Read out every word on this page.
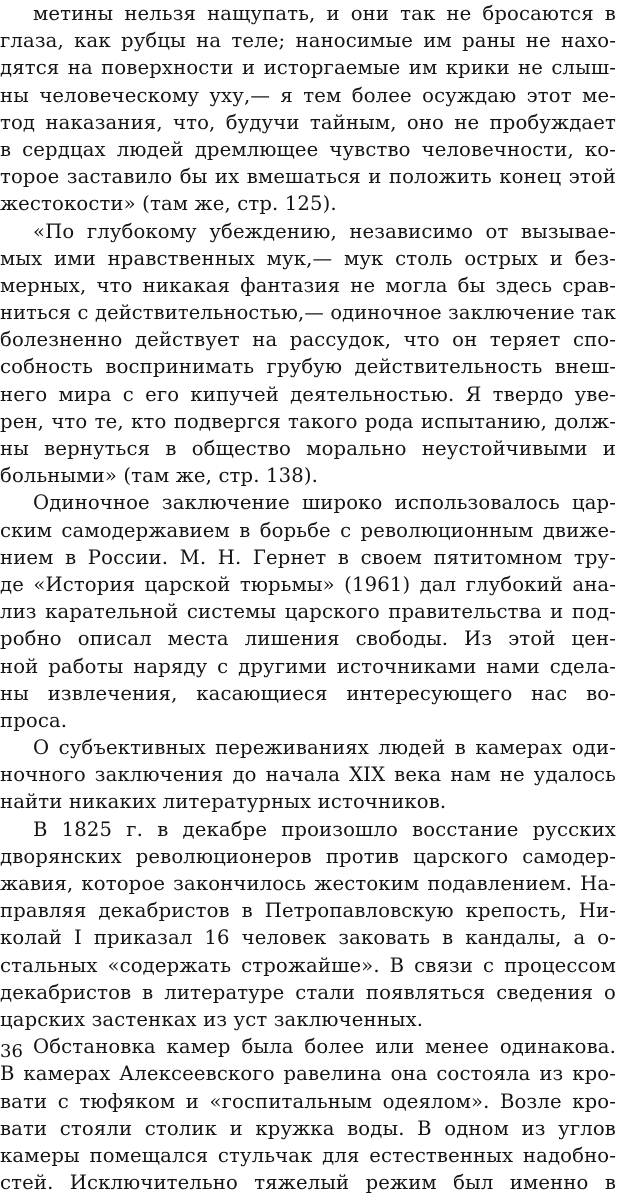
метины нельзя нащупать, и они так не бросаются в
глаза, как рубцы на теле; наносимые им раны не нахо-
дятся на поверхности и исторгаемые им крики не слыш-
ны человеческому уху,— я тем более осуждаю этот ме-
тод наказания, что, будучи тайным, оно не пробуждает
в сердцах людей дремлющее чувство человечности, ко-
торое заставило бы их вмешаться и положить конец этой
жестокости» (там же, стр. 125).
«По глубокому убеждению, независимо от вызывае-
мых ими нравственных мук,— мук столь острых и без-
мерных, что никакая фантазия не могла бы здесь срав-
ниться с действительностью,— одиночное заключение так
болезненно действует на рассудок, что он теряет спо-
собность воспринимать грубую действительность внеш-
него мира с его кипучей деятельностью. Я твердо уве-
рен, что те, кто подвергся такого рода испытанию, долж-
ны вернуться в общество морально неустойчивыми и
больными» (там же, стр. 138).
Одиночное заключение широко использовалось цар-
ским самодержавием в борьбе с революционным движе-
нием в России. М. Н. Гернет в своем пятитомном тру-
де «История царской тюрьмы» (1961) дал глубокий ана-
лиз карательной системы царского правительства и под-
робно описал места лишения свободы. Из этой цен-
ной работы наряду с другими источниками нами сдела-
ны извлечения, касающиеся интересующего нас во-
проса.
О субъективных переживаниях людей в камерах оди-
ночного заключения до начала XIX века нам не удалось
найти никаких литературных источников.
В 1825 г. в декабре произошло восстание русских
дворянских революционеров против царского самодер-
жавия, которое закончилось жестоким подавлением. На-
правляя декабристов в Петропавловскую крепость, Ни-
колай I приказал 16 человек заковать в кандалы, а о-
стальных «содержать строжайше». В связи с процессом
декабристов в литературе стали появляться сведения о
царских застенках из уст заключенных.
Обстановка камер была более или менее одинакова.
В камерах Алексеевского равелина она состояла из кро-
вати с тюфяком и «госпитальным одеялом». Возле кро-
вати стояли столик и кружка воды. В одном из углов
камеры помещался стульчак для естественных надобно-
стей. Исключительно тяжелый режим был именно в
36
